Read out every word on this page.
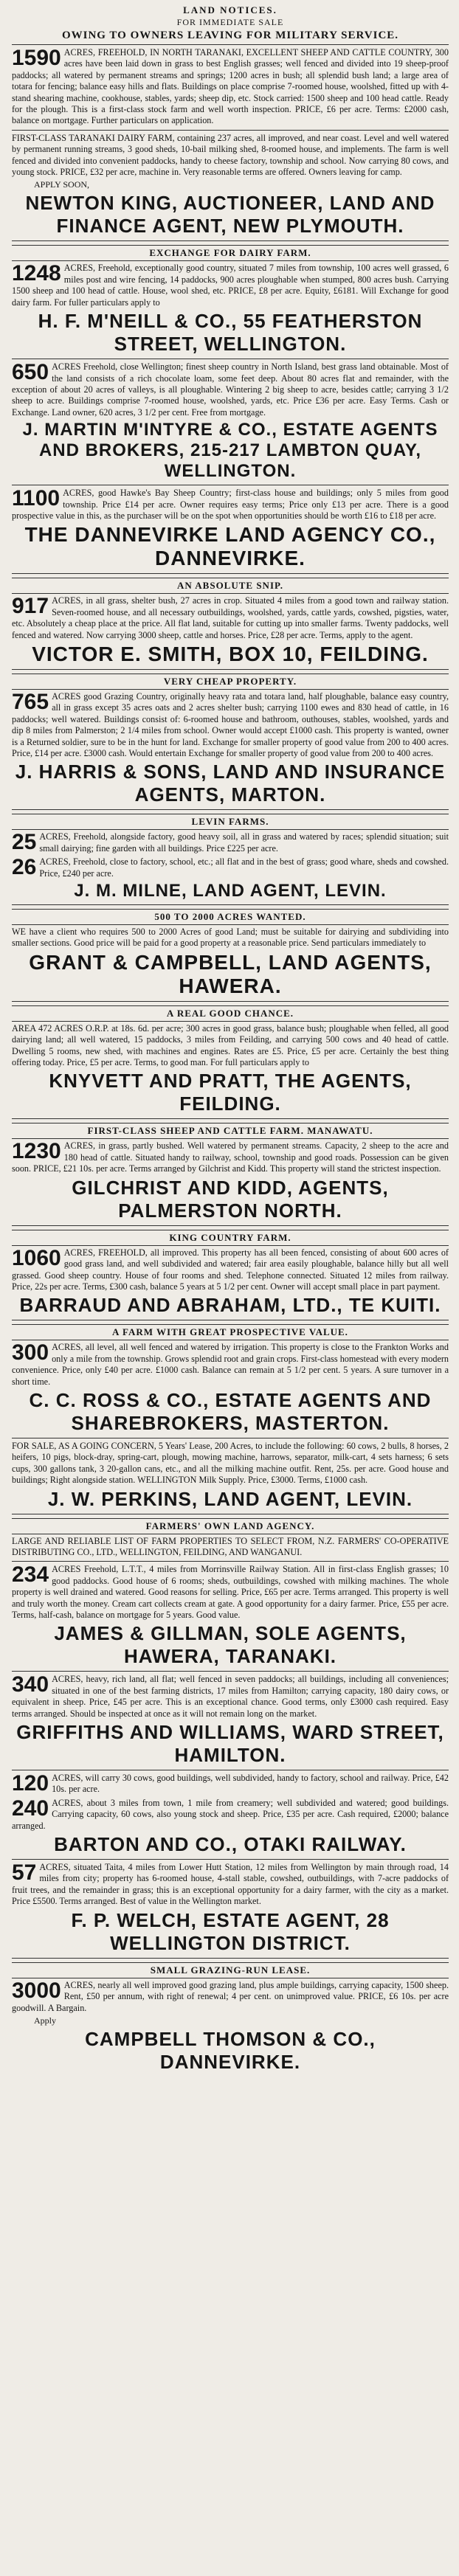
LAND NOTICES.
FOR IMMEDIATE SALE
OWING TO OWNERS LEAVING FOR MILITARY SERVICE.
1590 ACRES, FREEHOLD, IN NORTH TARANAKI, EXCELLENT SHEEP AND CATTLE COUNTRY, 300 acres have been laid down in grass to best English grasses; well fenced and divided into 19 sheep-proof paddocks; all watered by permanent streams and springs; 1200 acres in bush; all splendid bush land; a large area of totara for fencing; balance easy hills and flats. Buildings on place comprise 7-roomed house, woolshed, fitted up with 4-stand shearing machine, cookhouse, stables, yards; sheep dip, etc. Stock carried: 1500 sheep and 100 head cattle. Ready for the plough. This is a first-class stock farm and well worth inspection. PRICE, £6 per acre. Terms: £2000 cash, balance on mortgage. Further particulars on application.

FIRST-CLASS TARANAKI DAIRY FARM, containing 237 acres, all improved, and near coast. Level and well watered by permanent running streams, 3 good sheds, 10-bail milking shed, 8-roomed house, and implements. The farm is well fenced and divided into convenient paddocks, handy to cheese factory, township and school. Now carrying 80 cows, and young stock. PRICE, £32 per acre, machine in. Very reasonable terms are offered. Owners leaving for camp.

APPLY SOON,
NEWTON KING, AUCTIONEER, LAND AND FINANCE AGENT, NEW PLYMOUTH.
EXCHANGE FOR DAIRY FARM.
1248 ACRES, Freehold, exceptionally good country, situated 7 miles from township, 100 acres well grassed, 6 miles post and wire fencing, 14 paddocks, 900 acres ploughable when stumped, 800 acres bush. Carrying 1500 sheep and 100 head of cattle. House, wool shed, etc. PRICE, £8 per acre. Equity, £6181. Will Exchange for good dairy farm. For fuller particulars apply to

H. F. M'NEILL & CO., 55 FEATHERSTON STREET, WELLINGTON.
650 ACRES Freehold, close Wellington; finest sheep country in North Island, best grass land obtainable. Most of the land consists of a rich chocolate loam, some feet deep. About 80 acres flat and remainder, with the exception of about 20 acres of valleys, is all ploughable. Wintering 2 big sheep to acre, besides cattle; carrying 3 1/2 sheep to acre. Buildings comprise 7-roomed house, woolshed, yards, etc. Price £36 per acre. Easy Terms. Cash or Exchange. Land owner, 620 acres, 3 1/2 per cent. Free from mortgage.

J. MARTIN M'INTYRE & CO., ESTATE AGENTS AND BROKERS, 215-217 LAMBTON QUAY, WELLINGTON.
1100 ACRES, good Hawke's Bay Sheep Country; first-class house and buildings; only 5 miles from good township. Price £14 per acre. Owner requires easy terms; Price only £13 per acre. There is a good prospective value in this, as the purchaser will be on the spot when opportunities should be worth £16 to £18 per acre.

THE DANNEVIRKE LAND AGENCY CO., DANNEVIRKE.
AN ABSOLUTE SNIP.
917 ACRES, in all grass, shelter bush, 27 acres in crop. Situated 4 miles from a good town and railway station. Seven-roomed house, and all necessary outbuildings, woolshed, yards, cattle yards, cowshed, pigsties, water, etc. Absolutely a cheap place at the price. All flat land, suitable for cutting up into smaller farms. Twenty paddocks, well fenced and watered. Now carrying 3000 sheep, cattle and horses. Price, £28 per acre. Terms, apply to the agent.

VICTOR E. SMITH, BOX 10, FEILDING.
VERY CHEAP PROPERTY.
765 ACRES good Grazing Country, originally heavy rata and totara land, half ploughable, balance easy country, all in grass except 35 acres oats and 2 acres shelter bush; carrying 1100 ewes and 830 head of cattle, in 16 paddocks; well watered. Buildings consist of: 6-roomed house and bathroom, outhouses, stables, woolshed, yards and dip 8 miles from Palmerston; 2 1/4 miles from school. Owner would accept £1000 cash. This property is wanted, owner is a Returned soldier, sure to be in the hunt for land. Exchange for smaller property of good value from 200 to 400 acres. Price, £14 per acre. £3000 cash. Would entertain Exchange for smaller property of good value from 200 to 400 acres.

J. HARRIS & SONS, LAND AND INSURANCE AGENTS, MARTON.
LEVIN FARMS.
25 ACRES, Freehold, alongside factory, good heavy soil, all in grass and watered by races; splendid situation; suit small dairying; fine garden with all buildings. Price £225 per acre.

26 ACRES, Freehold, close to factory, school, etc.; all flat and in the best of grass; good whare, sheds and cowshed. Price, £240 per acre.

J. M. MILNE, LAND AGENT, LEVIN.
500 TO 2000 ACRES WANTED.

WE have a client who requires 500 to 2000 Acres of good Land; must be suitable for dairying and subdividing into smaller sections. Good price will be paid for a good property at a reasonable price. Send particulars immediately to

GRANT & CAMPBELL, LAND AGENTS, HAWERA.
A REAL GOOD CHANCE.

AREA 472 ACRES O.R.P. at 18s. 6d. per acre; 300 acres in good grass, balance bush; ploughable when felled, all good dairying land; all well watered, 15 paddocks, 3 miles from Feilding, and carrying 500 cows and 40 head of cattle. Dwelling 5 rooms, new shed, with machines and engines. Rates are £5. Price, £5 per acre. Certainly the best thing offering today. Price, £5 per acre. Terms, to good man. For full particulars apply to

KNYVETT AND PRATT, THE AGENTS, FEILDING.
FIRST-CLASS SHEEP AND CATTLE FARM. MANAWATU.
1230 ACRES, in grass, partly bushed. Well watered by permanent streams. Capacity, 2 sheep to the acre and 180 head of cattle. Situated handy to railway, school, township and good roads. Possession can be given soon. PRICE, £21 10s. per acre. Terms arranged by Gilchrist and Kidd. This property will stand the strictest inspection.

GILCHRIST AND KIDD, AGENTS, PALMERSTON NORTH.
KING COUNTRY FARM.
1060 ACRES, FREEHOLD, all improved. This property has all been fenced, consisting of about 600 acres of good grass land, and well subdivided and watered; fair area easily ploughable, balance hilly but all well grassed. Good sheep country. House of four rooms and shed. Telephone connected. Situated 12 miles from railway. Price, 22s per acre. Terms, £300 cash, balance 5 years at 5 1/2 per cent. Owner will accept small place in part payment.

BARRAUD AND ABRAHAM, LTD., TE KUITI.
A FARM WITH GREAT PROSPECTIVE VALUE.
300 ACRES, all level, all well fenced and watered by irrigation. This property is close to the Frankton Works and only a mile from the township. Grows splendid root and grain crops. First-class homestead with every modern convenience. Price, only £40 per acre. £1000 cash. Balance can remain at 5 1/2 per cent. 5 years. A sure turnover in a short time.

C. C. ROSS & CO., ESTATE AGENTS AND SHAREBROKERS, MASTERTON.

FOR SALE, AS A GOING CONCERN, 5 Years' Lease, 200 Acres, to include the following: 60 cows, 2 bulls, 8 horses, 2 heifers, 10 pigs, block-dray, spring-cart, plough, mowing machine, harrows, separator, milk-cart, 4 sets harness; 6 sets cups, 300 gallons tank, 3 20-gallon cans, etc., and all the milking machine outfit. Rent, 25s. per acre. Good house and buildings; Right alongside station. WELLINGTON Milk Supply. Price, £3000. Terms, £1000 cash.

J. W. PERKINS, LAND AGENT, LEVIN.
FARMERS' OWN LAND AGENCY.

LARGE AND RELIABLE LIST OF FARM PROPERTIES TO SELECT FROM, N.Z. FARMERS' CO-OPERATIVE DISTRIBUTING CO., LTD., WELLINGTON, FEILDING, AND WANGANUI.

234 ACRES Freehold, L.T.T., 4 miles from Morrinsville Railway Station. All in first-class English grasses; 10 good paddocks. Good house of 6 rooms; sheds, outbuildings, cowshed with milking machines. The whole property is well drained and watered. Good reasons for selling. Price, £65 per acre. Terms arranged. This property is well and truly worth the money. Cream cart collects cream at gate. A good opportunity for a dairy farmer. Price, £55 per acre. Terms, half-cash, balance on mortgage for 5 years. Good value.

JAMES & GILLMAN, SOLE AGENTS, HAWERA, TARANAKI.
340 ACRES, heavy, rich land, all flat; well fenced in seven paddocks; all buildings, including all conveniences; situated in one of the best farming districts, 17 miles from Hamilton; carrying capacity, 180 dairy cows, or equivalent in sheep. Price, £45 per acre. This is an exceptional chance. Good terms, only £3000 cash required. Easy terms arranged. Should be inspected at once as it will not remain long on the market.

GRIFFITHS AND WILLIAMS, WARD STREET, HAMILTON.
120 ACRES, will carry 30 cows, good buildings, well subdivided, handy to factory, school and railway. Price, £42 10s. per acre.

240 ACRES, about 3 miles from town, 1 mile from creamery; well subdivided and watered; good buildings. Carrying capacity, 60 cows, also young stock and sheep. Price, £35 per acre. Cash required, £2000; balance arranged.

BARTON AND CO., OTAKI RAILWAY.
57 ACRES, situated Taita, 4 miles from Lower Hutt Station, 12 miles from Wellington by main through road, 14 miles from city; property has 6-roomed house, 4-stall stable, cowshed, outbuildings, with 7-acre paddocks of fruit trees, and the remainder in grass; this is an exceptional opportunity for a dairy farmer, with the city as a market. Price £5500. Terms arranged. Best of value in the Wellington market.

F. P. WELCH, ESTATE AGENT, 28 WELLINGTON DISTRICT.
SMALL GRAZING-RUN LEASE.
3000 ACRES, nearly all well improved good grazing land, plus ample buildings, carrying capacity, 1500 sheep. Rent, £50 per annum, with right of renewal; 4 per cent. on unimproved value. PRICE, £6 10s. per acre goodwill. A Bargain.

Apply
CAMPBELL THOMSON & CO., DANNEVIRKE.
